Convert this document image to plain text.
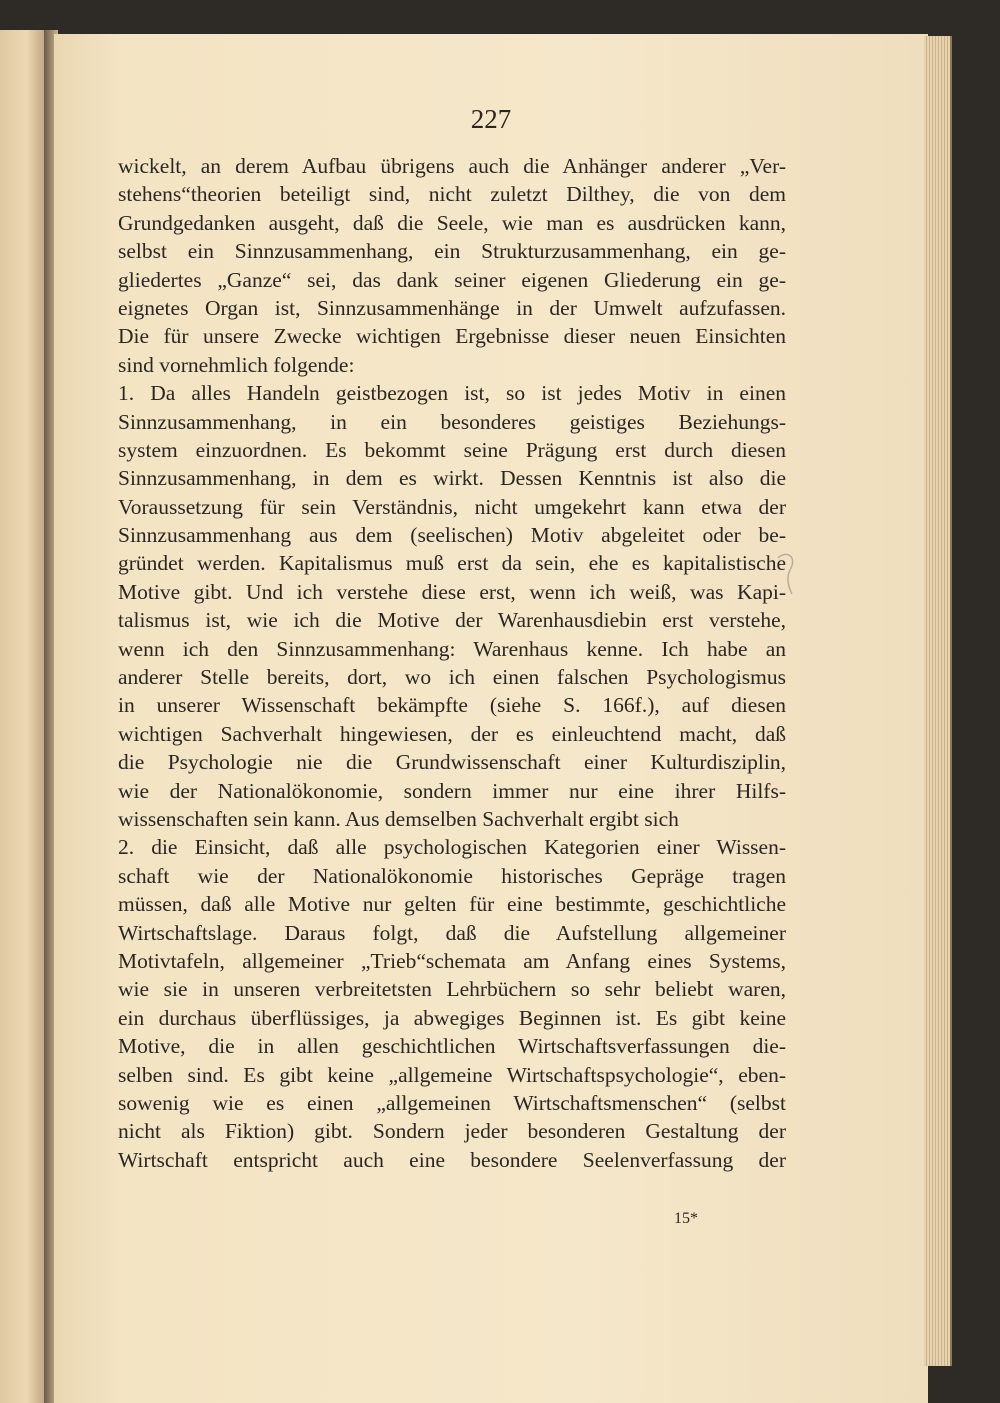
227
wickelt, an derem Aufbau übrigens auch die Anhänger anderer „Ver-
stehens“theorien beteiligt sind, nicht zuletzt Dilthey, die von dem
Grundgedanken ausgeht, daß die Seele, wie man es ausdrücken kann,
selbst ein Sinnzusammenhang, ein Strukturzusammenhang, ein ge-
gliedertes „Ganze“ sei, das dank seiner eigenen Gliederung ein ge-
eignetes Organ ist, Sinnzusammenhänge in der Umwelt aufzufassen.
Die für unsere Zwecke wichtigen Ergebnisse dieser neuen Einsichten
sind vornehmlich folgende:
1. Da alles Handeln geistbezogen ist, so ist jedes Motiv in einen
Sinnzusammenhang, in ein besonderes geistiges Beziehungs-
system einzuordnen. Es bekommt seine Prägung erst durch diesen
Sinnzusammenhang, in dem es wirkt. Dessen Kenntnis ist also die
Voraussetzung für sein Verständnis, nicht umgekehrt kann etwa der
Sinnzusammenhang aus dem (seelischen) Motiv abgeleitet oder be-
gründet werden. Kapitalismus muß erst da sein, ehe es kapitalistische
Motive gibt. Und ich verstehe diese erst, wenn ich weiß, was Kapi-
talismus ist, wie ich die Motive der Warenhausdiebin erst verstehe,
wenn ich den Sinnzusammenhang: Warenhaus kenne. Ich habe an
anderer Stelle bereits, dort, wo ich einen falschen Psychologismus
in unserer Wissenschaft bekämpfte (siehe S. 166f.), auf diesen
wichtigen Sachverhalt hingewiesen, der es einleuchtend macht, daß
die Psychologie nie die Grundwissenschaft einer Kulturdisziplin,
wie der Nationalökonomie, sondern immer nur eine ihrer Hilfs-
wissenschaften sein kann. Aus demselben Sachverhalt ergibt sich
2. die Einsicht, daß alle psychologischen Kategorien einer Wissen-
schaft wie der Nationalökonomie historisches Gepräge tragen
müssen, daß alle Motive nur gelten für eine bestimmte, geschichtliche
Wirtschaftslage. Daraus folgt, daß die Aufstellung allgemeiner
Motivtafeln, allgemeiner „Trieb“schemata am Anfang eines Systems,
wie sie in unseren verbreitetsten Lehrbüchern so sehr beliebt waren,
ein durchaus überflüssiges, ja abwegiges Beginnen ist. Es gibt keine
Motive, die in allen geschichtlichen Wirtschaftsverfassungen die-
selben sind. Es gibt keine „allgemeine Wirtschaftspsychologie“, eben-
sowenig wie es einen „allgemeinen Wirtschaftsmenschen“ (selbst
nicht als Fiktion) gibt. Sondern jeder besonderen Gestaltung der
Wirtschaft entspricht auch eine besondere Seelenverfassung der
15*
